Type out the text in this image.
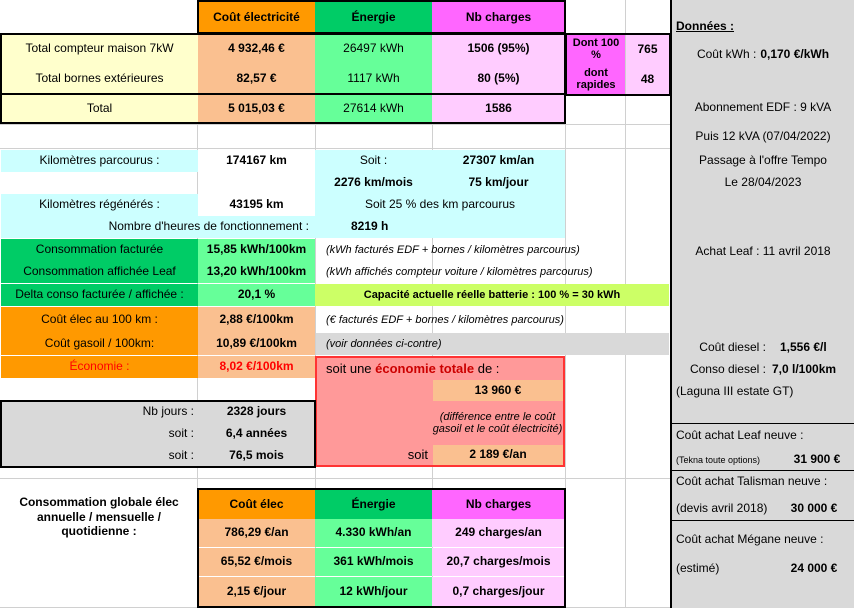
Coût électricité	Énergie	Nb charges
Total compteur maison 7kW	4 932,46 €	26497 kWh	1506 (95%)	Dont 100 %	765
Total bornes extérieures	82,57 €	1117 kWh	80 (5%)	dont rapides	48
Total	5 015,03 €	27614 kWh	1586
Kilomètres parcourus :	174167 km	Soit :	27307 km/an
2276 km/mois	75 km/jour
Kilomètres régénérés :	43195 km	Soit 25 % des km parcourus
Nombre d'heures de fonctionnement :	8219 h
Consommation facturée	15,85 kWh/100km	(kWh facturés EDF + bornes / kilomètres parcourus)
Consommation affichée Leaf	13,20 kWh/100km	(kWh affichés compteur voiture / kilomètres parcourus)
Delta conso facturée / affichée :	20,1 %	Capacité actuelle réelle batterie : 100 % = 30 kWh
Coût élec au 100 km :	2,88 €/100km	(€ facturés EDF + bornes / kilomètres parcourus)
Coût gasoil / 100km:	10,89 €/100km	(voir données ci-contre)
Économie :	8,02 €/100km	soit une économie totale de :
13 960 €
(différence entre le coût gasoil et le coût électricité)
soit	2 189 €/an
Nb jours :	2328 jours
soit :	6,4 années
soit :	76,5 mois
Consommation globale élec annuelle / mensuelle / quotidienne :
Coût élec	Énergie	Nb charges
786,29 €/an	4.330 kWh/an	249 charges/an
65,52 €/mois	361 kWh/mois	20,7 charges/mois
2,15 €/jour	12 kWh/jour	0,7 charges/jour
Données :
Coût kWh : 0,170 €/kWh
Abonnement EDF : 9 kVA
Puis 12 kVA (07/04/2022)
Passage à l'offre Tempo
Le 28/04/2023
Achat Leaf : 11 avril 2018
Coût diesel : 1,556 €/l
Conso diesel : 7,0 l/100km
(Laguna III estate GT)
Coût achat Leaf neuve :
(Tekna toute options)	31 900 €
Coût achat Talisman neuve :
(devis avril 2018)	30 000 €
Coût achat Mégane neuve :
(estimé)	24 000 €
